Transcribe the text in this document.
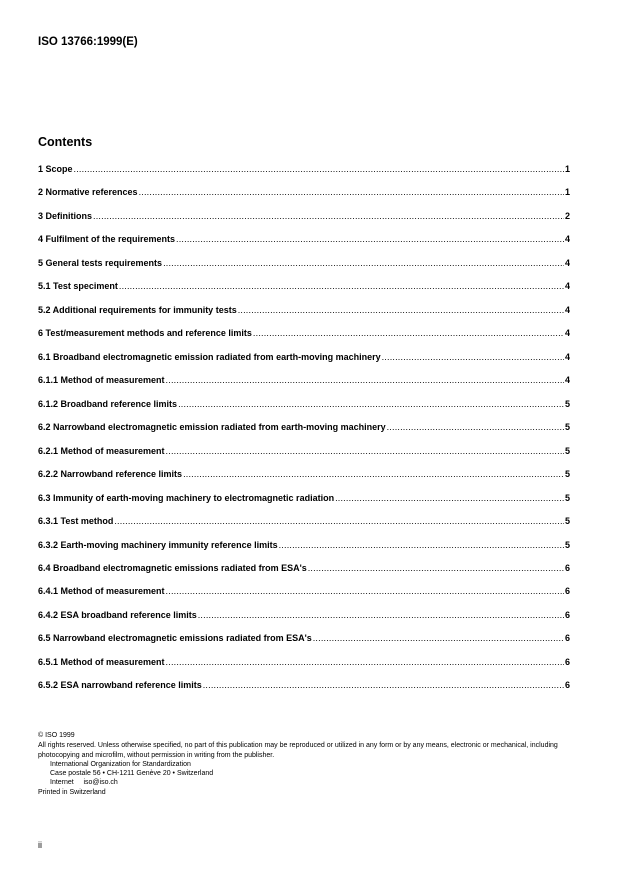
ISO 13766:1999(E)
Contents
1 Scope .....	1
2 Normative references .....	1
3 Definitions .....	2
4 Fulfilment of the requirements .....	4
5 General tests requirements .....	4
5.1 Test speciment .....	4
5.2 Additional requirements for immunity tests .....	4
6 Test/measurement methods and reference limits .....	4
6.1 Broadband electromagnetic emission radiated from earth-moving machinery .....	4
6.1.1 Method of measurement .....	4
6.1.2 Broadband reference limits .....	5
6.2 Narrowband electromagnetic emission radiated from earth-moving machinery .....	5
6.2.1 Method of measurement .....	5
6.2.2 Narrowband reference limits .....	5
6.3 Immunity of earth-moving machinery to electromagnetic radiation .....	5
6.3.1 Test method .....	5
6.3.2 Earth-moving machinery immunity reference limits .....	5
6.4 Broadband electromagnetic emissions radiated from ESA's .....	6
6.4.1 Method of measurement .....	6
6.4.2 ESA broadband reference limits .....	6
6.5 Narrowband electromagnetic emissions radiated from ESA's .....	6
6.5.1 Method of measurement .....	6
6.5.2 ESA narrowband reference limits .....	6

© ISO 1999

All rights reserved. Unless otherwise specified, no part of this publication may be reproduced or utilized in any form or by any means, electronic or mechanical, including photocopying and microfilm, without permission in writing from the publisher.

International Organization for Standardization

Case postale 56 • CH-1211 Genève 20 • Switzerland

Internet     iso@iso.ch

Printed in Switzerland

ii
